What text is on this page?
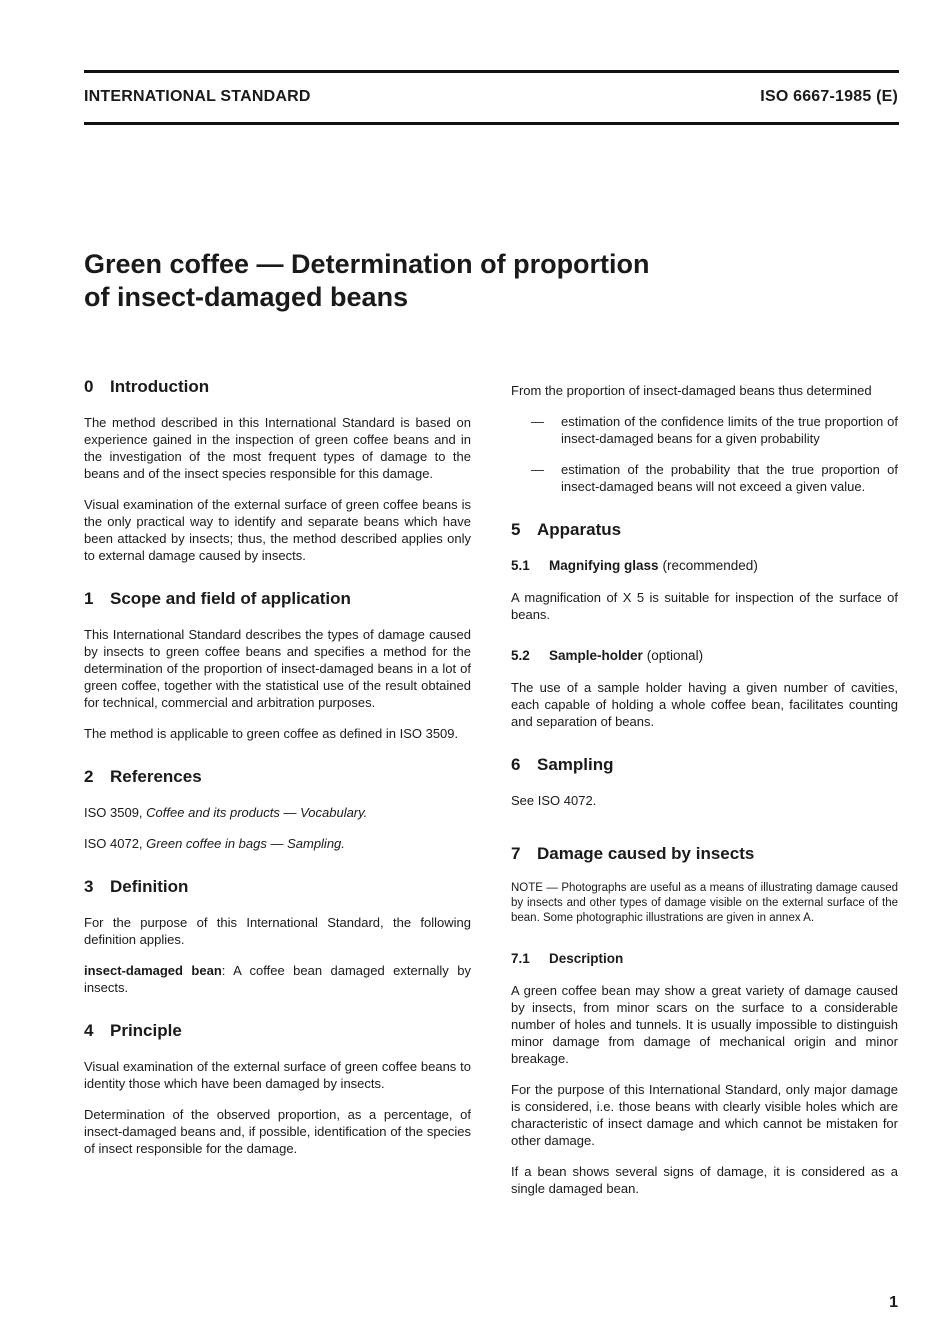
INTERNATIONAL STANDARD	ISO 6667-1985 (E)
Green coffee — Determination of proportion
of insect-damaged beans
0 Introduction

The method described in this International Standard is based on experience gained in the inspection of green coffee beans and in the investigation of the most frequent types of damage to the beans and of the insect species responsible for this damage.

Visual examination of the external surface of green coffee beans is the only practical way to identify and separate beans which have been attacked by insects; thus, the method described applies only to external damage caused by insects.

1 Scope and field of application

This International Standard describes the types of damage caused by insects to green coffee beans and specifies a method for the determination of the proportion of insect-damaged beans in a lot of green coffee, together with the statistical use of the result obtained for technical, commercial and arbitration purposes.

The method is applicable to green coffee as defined in ISO 3509.

2 References

ISO 3509, Coffee and its products — Vocabulary.

ISO 4072, Green coffee in bags — Sampling.

3 Definition

For the purpose of this International Standard, the following definition applies.

insect-damaged bean: A coffee bean damaged externally by insects.

4 Principle

Visual examination of the external surface of green coffee beans to identity those which have been damaged by insects.

Determination of the observed proportion, as a percentage, of insect-damaged beans and, if possible, identification of the species of insect responsible for the damage.

From the proportion of insect-damaged beans thus determined

—	estimation of the confidence limits of the true proportion of insect-damaged beans for a given probability
—	estimation of the probability that the true proportion of insect-damaged beans will not exceed a given value.
5 Apparatus
5.1	Magnifying glass (recommended)

A magnification of X 5 is suitable for inspection of the surface of beans.

5.2	Sample-holder (optional)

The use of a sample holder having a given number of cavities, each capable of holding a whole coffee bean, facilitates counting and separation of beans.

6 Sampling

See ISO 4072.

7 Damage caused by insects

NOTE — Photographs are useful as a means of illustrating damage caused by insects and other types of damage visible on the external surface of the bean. Some photographic illustrations are given in annex A.

7.1	Description

A green coffee bean may show a great variety of damage caused by insects, from minor scars on the surface to a considerable number of holes and tunnels. It is usually impossible to distinguish minor damage from damage of mechanical origin and minor breakage.

For the purpose of this International Standard, only major damage is considered, i.e. those beans with clearly visible holes which are characteristic of insect damage and which cannot be mistaken for other damage.

If a bean shows several signs of damage, it is considered as a single damaged bean.

1
